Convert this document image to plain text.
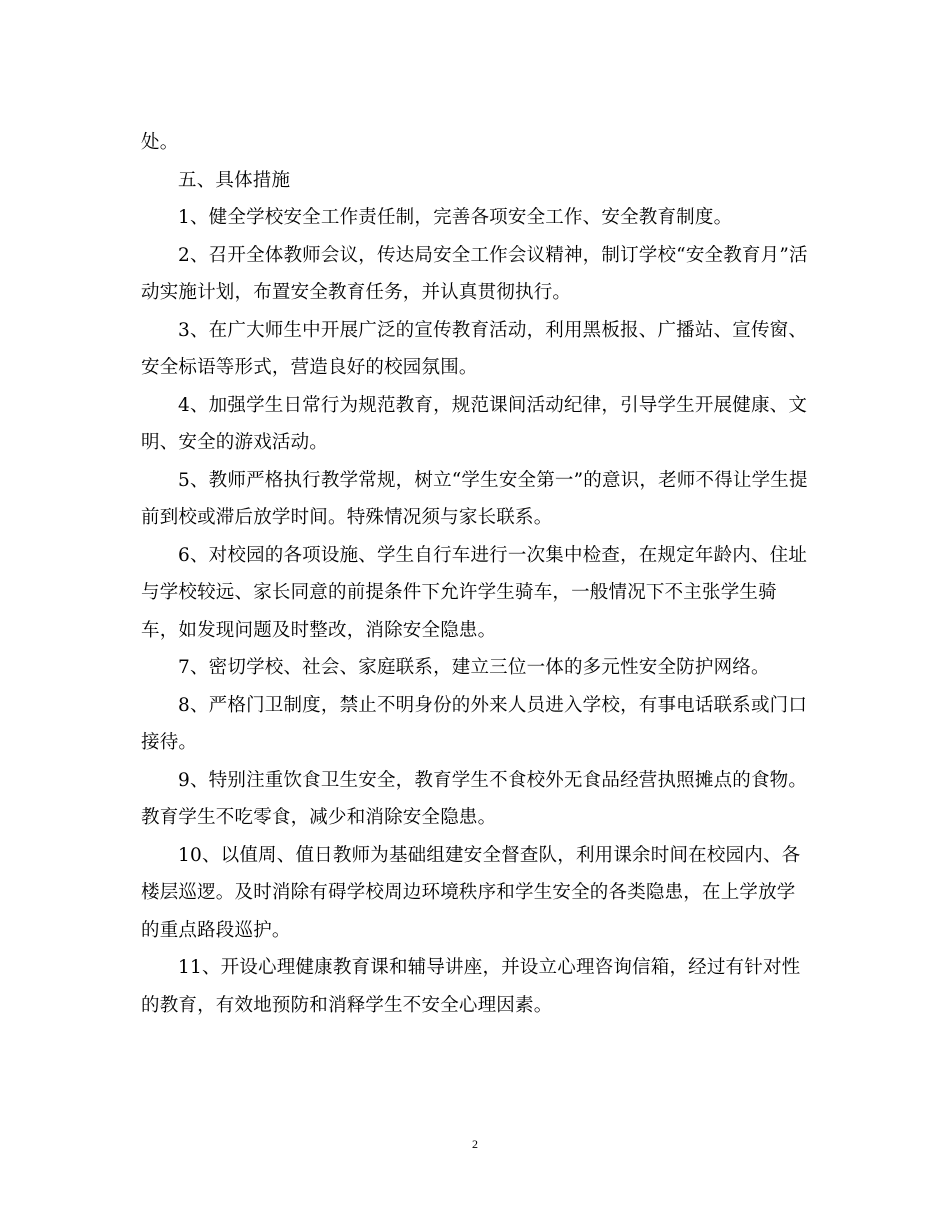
处。

五、具体措施

1、健全学校安全工作责任制，完善各项安全工作、安全教育制度。

2、召开全体教师会议，传达局安全工作会议精神，制订学校“安全教育月”活动实施计划，布置安全教育任务，并认真贯彻执行。

3、在广大师生中开展广泛的宣传教育活动，利用黑板报、广播站、宣传窗、安全标语等形式，营造良好的校园氛围。

4、加强学生日常行为规范教育，规范课间活动纪律，引导学生开展健康、文明、安全的游戏活动。

5、教师严格执行教学常规，树立“学生安全第一”的意识，老师不得让学生提前到校或滞后放学时间。特殊情况须与家长联系。

6、对校园的各项设施、学生自行车进行一次集中检查，在规定年龄内、住址与学校较远、家长同意的前提条件下允许学生骑车，一般情况下不主张学生骑车，如发现问题及时整改，消除安全隐患。

7、密切学校、社会、家庭联系，建立三位一体的多元性安全防护网络。

8、严格门卫制度，禁止不明身份的外来人员进入学校，有事电话联系或门口接待。

9、特别注重饮食卫生安全，教育学生不食校外无食品经营执照摊点的食物。教育学生不吃零食，减少和消除安全隐患。

10、以值周、值日教师为基础组建安全督查队，利用课余时间在校园内、各楼层巡逻。及时消除有碍学校周边环境秩序和学生安全的各类隐患，在上学放学的重点路段巡护。

11、开设心理健康教育课和辅导讲座，并设立心理咨询信箱，经过有针对性的教育，有效地预防和消释学生不安全心理因素。

2
